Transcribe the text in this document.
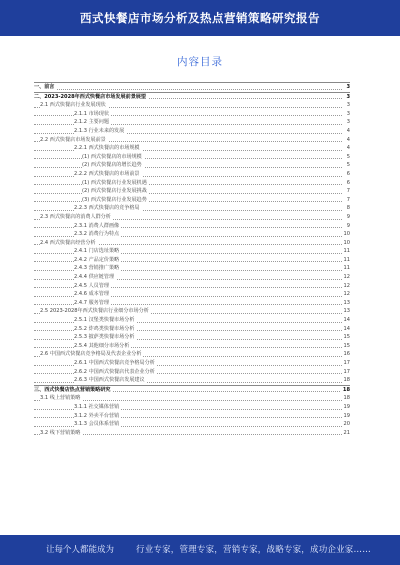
西式快餐店市场分析及热点营销策略研究报告
内容目录
一、前言	3
二、2023-2028年西式快餐店市场发展前景展望	3
2.1 西式快餐店行业发展现状	3
2.1.1 市场现状	3
2.1.2 主要问题	3
2.1.3 行业未来的发展	4
2.2 西式快餐店市场发展前景	4
2.2.1 西式快餐店的市场规模	4
(1) 西式快餐店的市场规模	5
(2) 西式快餐店的增长趋势	5
2.2.2 西式快餐店的市场前景	6
(1) 西式快餐店行业发展机遇	6
(2) 西式快餐店行业发展挑战	7
(3) 西式快餐店行业发展趋势	7
2.2.3 西式快餐店的竞争格局	8
2.3 西式快餐店的消费人群分析	9
2.3.1 消费人群画像	9
2.3.2 消费行为特点	10
2.4 西式快餐店经营分析	10
2.4.1 门店选址策略	11
2.4.2 产品定价策略	11
2.4.3 营销推广策略	11
2.4.4 供应链管理	12
2.4.5 人员管理	12
2.4.6 成本管理	12
2.4.7 服务管理	13
2.5 2023-2028年西式快餐店行业细分市场分析	13
2.5.1 汉堡类快餐市场分析	14
2.5.2 炸鸡类快餐市场分析	14
2.5.3 披萨类快餐市场分析	15
2.5.4 其他细分市场分析	15
2.6 中国西式快餐店竞争格局及代表企业分析	16
2.6.1 中国西式快餐店竞争格局分析	17
2.6.2 中国西式快餐店代表企业分析	17
2.6.3 中国西式快餐店发展建议	18
三、西式快餐店热点营销策略研究	18
3.1 线上营销策略	18
3.1.1 社交媒体营销	19
3.1.2 外卖平台营销	19
3.1.3 会员体系营销	20
3.2 线下营销策略	21
让每个人都能成为	行业专家，管理专家，营销专家，战略专家，成功企业家……
